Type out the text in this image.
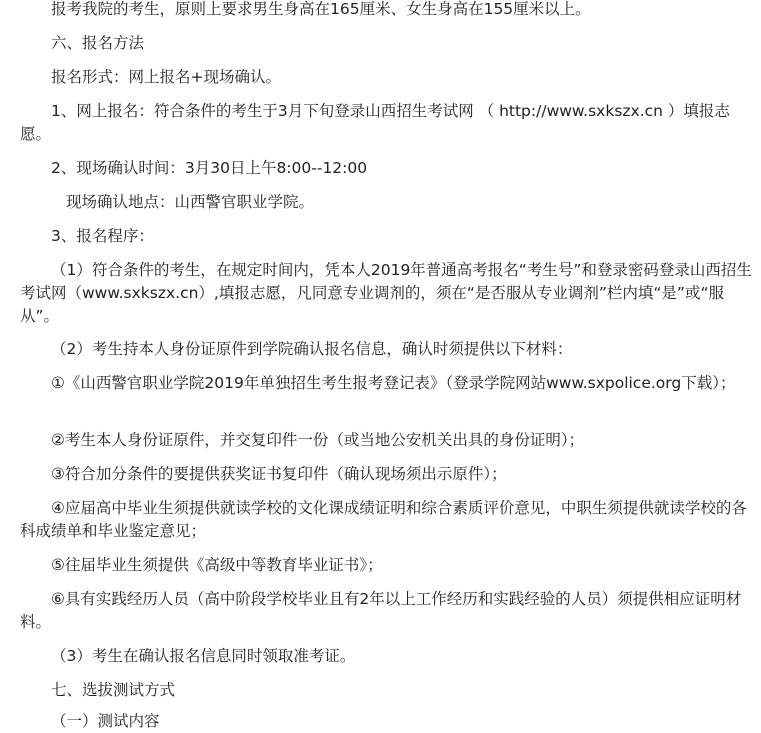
报考我院的考生，原则上要求男生身高在165厘米、女生身高在155厘米以上。

六、报名方法

报名形式：网上报名+现场确认。

1、网上报名：符合条件的考生于3月下旬登录山西招生考试网 （ http://www.sxkszx.cn ）填报志愿。

2、现场确认时间：3月30日上午8:00--12:00

现场确认地点：山西警官职业学院。

3、报名程序：

（1）符合条件的考生，在规定时间内，凭本人2019年普通高考报名“考生号”和登录密码登录山西招生考试网（www.sxkszx.cn）,填报志愿，凡同意专业调剂的，须在“是否服从专业调剂”栏内填“是”或“服从”。

（2）考生持本人身份证原件到学院确认报名信息，确认时须提供以下材料：

①《山西警官职业学院2019年单独招生考生报考登记表》（登录学院网站www.sxpolice.org下载）；

②考生本人身份证原件，并交复印件一份（或当地公安机关出具的身份证明）；

③符合加分条件的要提供获奖证书复印件（确认现场须出示原件）；

④应届高中毕业生须提供就读学校的文化课成绩证明和综合素质评价意见，中职生须提供就读学校的各科成绩单和毕业鉴定意见；

⑤往届毕业生须提供《高级中等教育毕业证书》；

⑥具有实践经历人员（高中阶段学校毕业且有2年以上工作经历和实践经验的人员）须提供相应证明材料。

（3）考生在确认报名信息同时领取准考证。

七、选拔测试方式

（一）测试内容
